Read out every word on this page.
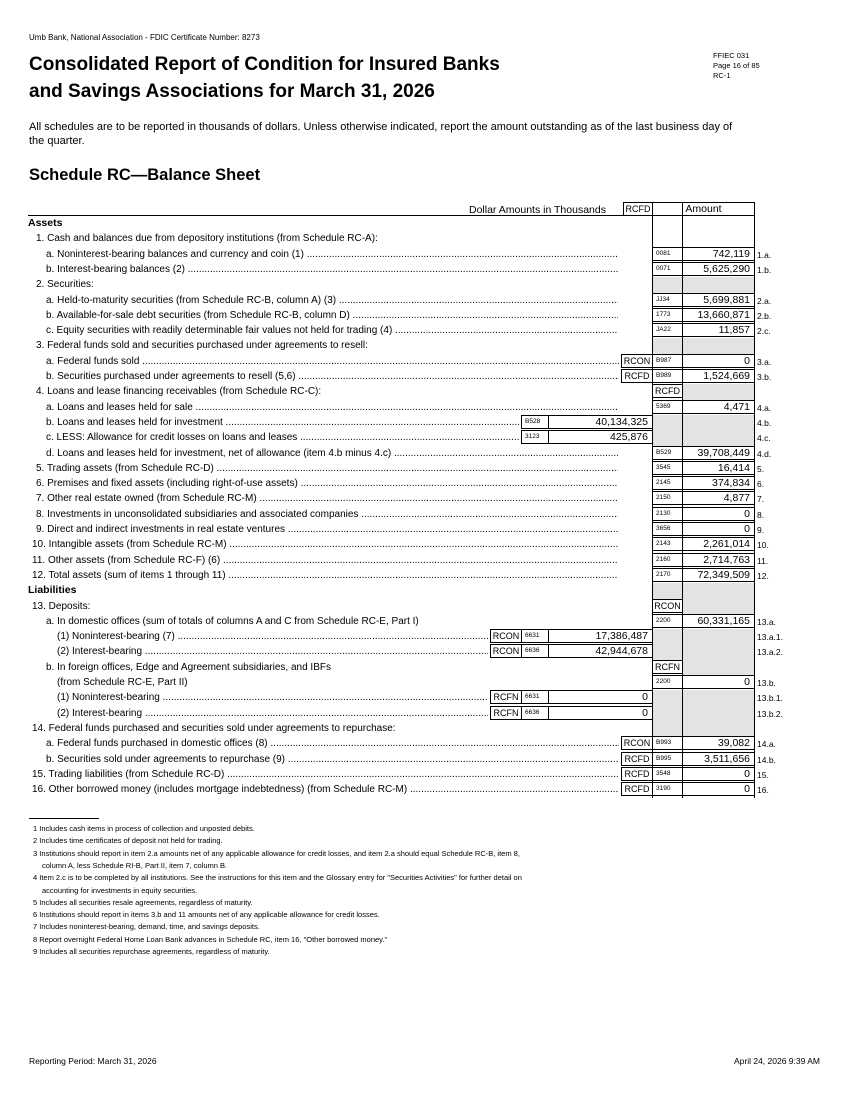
Umb Bank, National Association - FDIC Certificate Number: 8273
Consolidated Report of Condition for Insured Banks
and Savings Associations for March 31, 2026
FFIEC 031
Page 16 of 85
RC-1
All schedules are to be reported in thousands of dollars. Unless otherwise indicated, report the amount outstanding as of the last business day of the quarter.
Schedule RC—Balance Sheet
Dollar Amounts in Thousands RCFD	Amount
Assets
1. Cash and balances due from depository institutions (from Schedule RC-A):
a. Noninterest-bearing balances and currency and coin (1) .....	0081	742,119 1.a.
b. Interest-bearing balances (2) .....	0071	5,625,290 1.b.
2. Securities:
a. Held-to-maturity securities (from Schedule RC-B, column A) (3) .....	JJ34	5,699,881 2.a.
b. Available-for-sale debt securities (from Schedule RC-B, column D) .....	1773	13,660,871 2.b.
c. Equity securities with readily determinable fair values not held for trading (4) .....	JA22	11,857 2.c.
3. Federal funds sold and securities purchased under agreements to resell:
a. Federal funds sold .....	RCON B987	0 3.a.
b. Securities purchased under agreements to resell (5,6) .....	RCFD	B989	1,524,669 3.b.
4. Loans and lease financing receivables (from Schedule RC-C):	RCFD
a. Loans and leases held for sale .....	5369	4,471 4.a.
b. Loans and leases held for investment .....	B528	40,134,325	4.b.
c. LESS: Allowance for credit losses on loans and leases .....	3123	425,876	4.c.
d. Loans and leases held for investment, net of allowance (item 4.b minus 4.c) .....	B529	39,708,449 4.d.
5. Trading assets (from Schedule RC-D) .....	3545	16,414 5.
6. Premises and fixed assets (including right-of-use assets) .....	2145	374,834 6.
7. Other real estate owned (from Schedule RC-M) .....	2150	4,877 7.
8. Investments in unconsolidated subsidiaries and associated companies .....	2130	0 8.
9. Direct and indirect investments in real estate ventures .....	3656	0 9.
10. Intangible assets (from Schedule RC-M) .....	2143	2,261,014 10.
11. Other assets (from Schedule RC-F) (6) .....	2160	2,714,763 11.
12. Total assets (sum of items 1 through 11) .....	2170	72,349,509 12.
Liabilities
13. Deposits:	RCON
a. In domestic offices (sum of totals of columns A and C from Schedule RC-E, Part I)	2200	60,331,165 13.a.
(1) Noninterest-bearing (7) .....	RCON 6631	17,386,487	13.a.1.
(2) Interest-bearing .....	RCON 6636	42,944,678	13.a.2.
b. In foreign offices, Edge and Agreement subsidiaries, and IBFs	RCFN
(from Schedule RC-E, Part II)	2200	0 13.b.
(1) Noninterest-bearing .....	RCFN	6631	0	13.b.1.
(2) Interest-bearing .....	RCFN	6636	0	13.b.2.
14. Federal funds purchased and securities sold under agreements to repurchase:
a. Federal funds purchased in domestic offices (8) .....	RCON B993	39,082 14.a.
b. Securities sold under agreements to repurchase (9) .....	RCFD	B995	3,511,656 14.b.
15. Trading liabilities (from Schedule RC-D) .....	RCFD	3548	0 15.
16. Other borrowed money (includes mortgage indebtedness) (from Schedule RC-M) .....	RCFD	3190	0 16.
1 Includes cash items in process of collection and unposted debits.
2 Includes time certificates of deposit not held for trading.
3 Institutions should report in item 2.a amounts net of any applicable allowance for credit losses, and item 2.a should equal Schedule RC-B, item 8,
column A, less Schedule RI-B, Part II, item 7, column B.
4 Item 2.c is to be completed by all institutions. See the instructions for this item and the Glossary entry for "Securities Activities" for further detail on
accounting for investments in equity securities.
5 Includes all securities resale agreements, regardless of maturity.
6 Institutions should report in items 3.b and 11 amounts net of any applicable allowance for credit losses.
7 Includes noninterest-bearing, demand, time, and savings deposits.
8 Report overnight Federal Home Loan Bank advances in Schedule RC, item 16, "Other borrowed money."
9 Includes all securities repurchase agreements, regardless of maturity.
Reporting Period: March 31, 2026	April 24, 2026 9:39 AM
